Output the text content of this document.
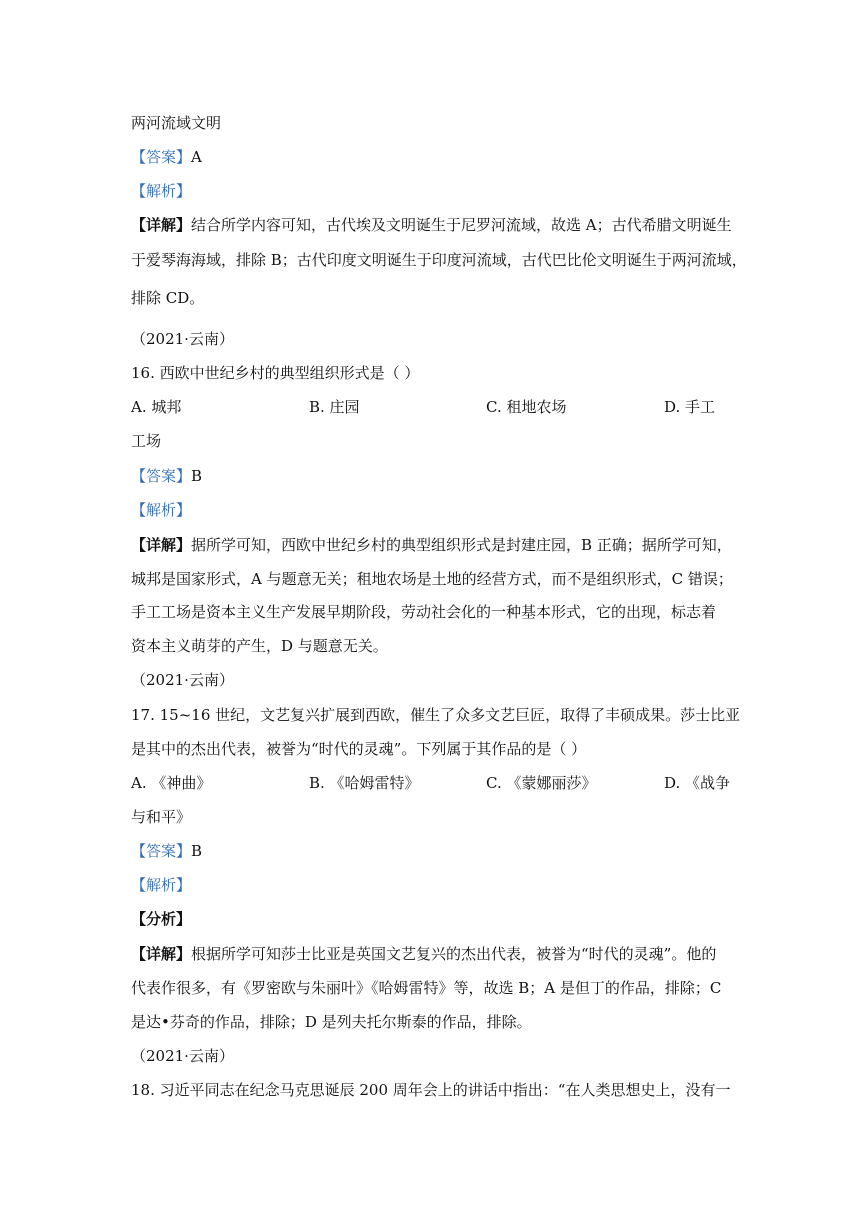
两河流域文明
【答案】A
【解析】
【详解】结合所学内容可知，古代埃及文明诞生于尼罗河流域，故选 A；古代希腊文明诞生
于爱琴海海域，排除 B；古代印度文明诞生于印度河流域，古代巴比伦文明诞生于两河流域，
排除 CD。
（2021·云南）
16. 西欧中世纪乡村的典型组织形式是（ ）
A. 城邦	B. 庄园	C. 租地农场	D. 手工
工场
【答案】B
【解析】
【详解】据所学可知，西欧中世纪乡村的典型组织形式是封建庄园，B 正确；据所学可知，
城邦是国家形式，A 与题意无关；租地农场是土地的经营方式，而不是组织形式，C 错误；
手工工场是资本主义生产发展早期阶段，劳动社会化的一种基本形式，它的出现，标志着
资本主义萌芽的产生，D 与题意无关。
（2021·云南）
17. 15~16 世纪，文艺复兴扩展到西欧，催生了众多文艺巨匠，取得了丰硕成果。莎士比亚
是其中的杰出代表，被誉为“时代的灵魂”。下列属于其作品的是（ ）
A. 《神曲》	B. 《哈姆雷特》	C. 《蒙娜丽莎》	D. 《战争
与和平》
【答案】B
【解析】
【分析】
【详解】根据所学可知莎士比亚是英国文艺复兴的杰出代表，被誉为“时代的灵魂”。他的
代表作很多，有《罗密欧与朱丽叶》《哈姆雷特》等，故选 B；A 是但丁的作品，排除；C
是达•芬奇的作品，排除；D 是列夫托尔斯泰的作品，排除。
（2021·云南）
18. 习近平同志在纪念马克思诞辰 200 周年会上的讲话中指出：“在人类思想史上，没有一
